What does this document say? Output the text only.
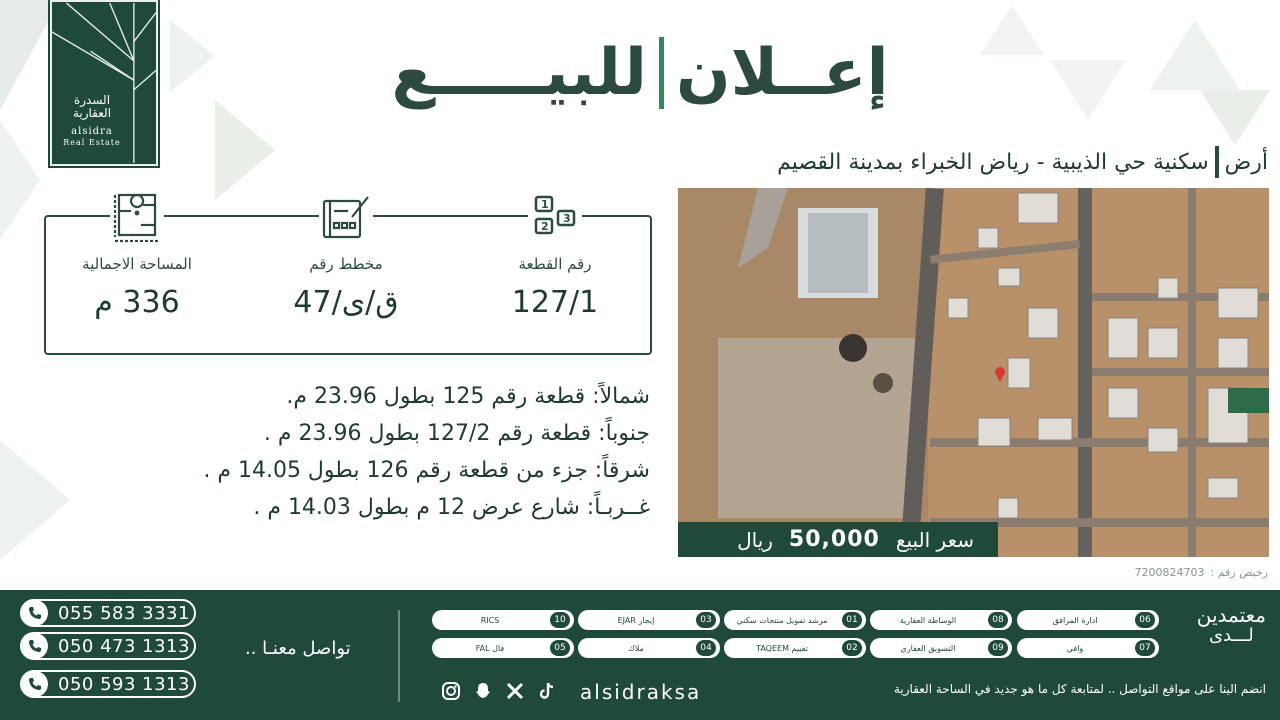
السدرة العقارية
alsidra
Real Estate
إعــلان
للبيـــــع
أرض
سكنية حي الذيبية - رياض الخبراء بمدينة القصيم
1
2
3
رقم القطعة
127/1
مخطط رقم
ق/ى/47
المساحة الاجمالية
336 م
شمالاً: قطعة رقم 125 بطول 23.96 م.
جنوباً: قطعة رقم 127/2 بطول 23.96 م .
شرقاً: جزء من قطعة رقم 126 بطول 14.05 م .
غــربـاً: شارع عرض 12 م بطول 14.03 م .
سعر البيع
50,000
ريال
رخيص رقم :
7200824703
055 583 3331
050 473 1313
050 593 1313
تواصل معنـا ..
06
ادارة المرافق
08
الوساطة العقارية
01
مرشد تمويل منتجات سكني
03
إيجار EJAR
10
RICS
07
وافي
09
التسويق العقاري
02
تقييم TAQEEM
04
ملاك
05
فال FAL
معتمدين
لـــدى
انضم الينا على مواقع التواصل .. لمتابعة كل ما هو جديد في الساحة العقارية
alsidraksa
